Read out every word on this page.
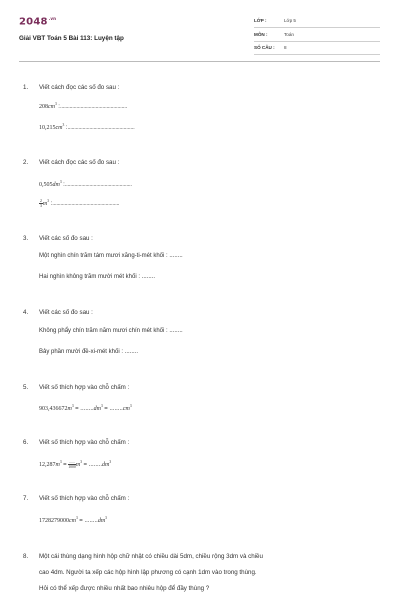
$2048^{.vn}$
Giải VBT Toán 5 Bài 113: Luyện tập
LỚP :	Lớp 5
MÔN :	Toán
SỐ CÂU : 8
1. Viết cách đọc các số đo sau :
$208cm^3$ :.................................................
$10,215cm^3$ :.................................................
2. Viết cách đọc các số đo sau :
$0,505dm^3$ :.................................................
$\frac{2}{3} m^3$ :.................................................
3. Viết các số đo sau :
Một nghìn chín trăm tám mươi xăng-ti-mét khối : ........
Hai nghìn không trăm mười mét khối : ........
4. Viết các số đo sau :
Không phẩy chín trăm năm mươi chín mét khối : ........
Bảy phần mười đề-xi-mét khối : ........
5. Viết số thích hợp vào chỗ chấm :
$903,436672m^3 = ........dm^3 = ........cm^3$
6. Viết số thích hợp vào chỗ chấm :
$12,287m^3 = \frac{......}{1000} m^3 = ........dm^3$
7. Viết số thích hợp vào chỗ chấm :
$1728279000cm^3 = ........dm^3$
8. Một cái thùng dạng hình hộp chữ nhật có chiều dài 5dm, chiều rộng 3dm và chiều
cao 4dm. Người ta xếp các hộp hình lập phương có cạnh 1dm vào trong thùng.
Hỏi có thể xếp được nhiều nhất bao nhiêu hộp để đầy thùng ?
